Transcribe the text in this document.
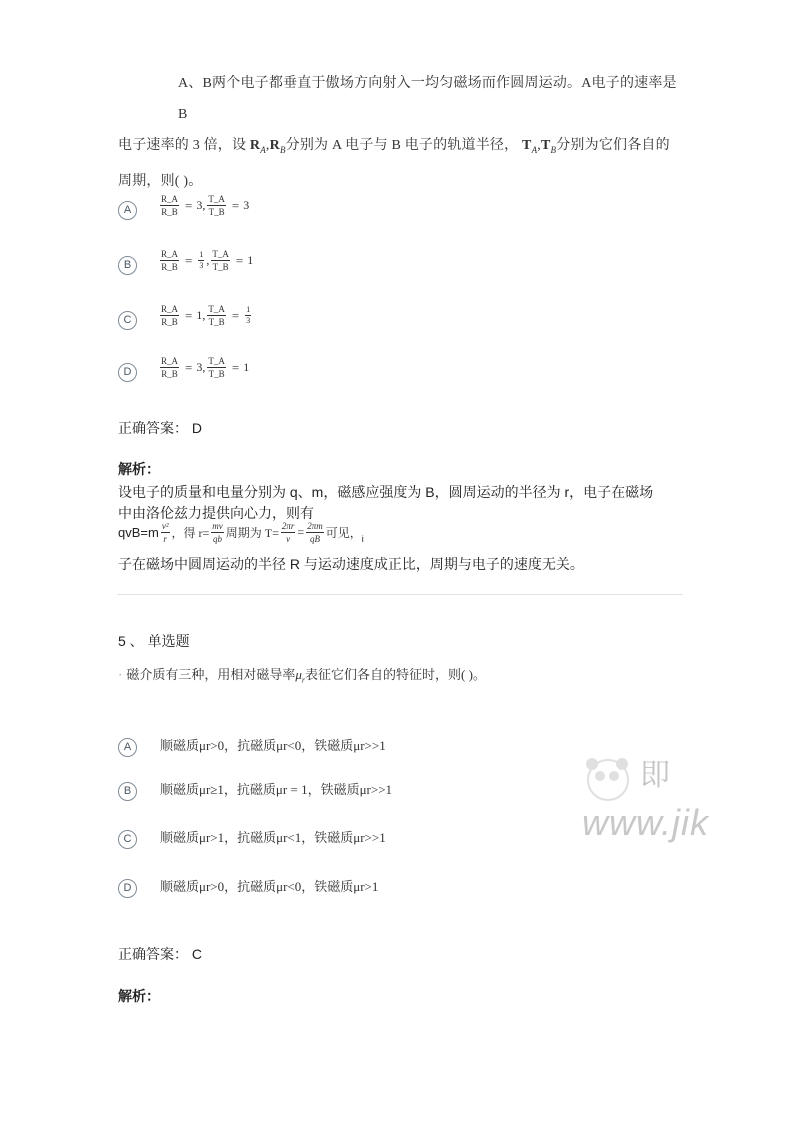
A、B两个电子都垂直于傲场方向射入一均匀磁场而作圆周运动。A电子的速率是B
电子速率的 3 倍，设 $R_A,R_B$分别为 A 电子与 B 电子的轨道半径， $T_A,T_B$分别为它们各自的
周期，则( )。
A	$\frac{R\_A}{R\_B} = 3$, $\frac{T\_A}{T\_B} = 3$
B	$\frac{R\_A}{R\_B} = \frac{1}{3}$ , $\frac{T\_A}{T\_B} = 1$
C	$\frac{R\_A}{R\_B} = 1$, $\frac{T\_A}{T\_B} = \frac{1}{3}$
D	$\frac{R\_A}{R\_B} = 3$, $\frac{T\_A}{T\_B} = 1$
正确答案： D
解析：
设电子的质量和电量分别为 q、m，磁感应强度为 B，圆周运动的半径为 r，电子在磁场
中由洛伦兹力提供向心力，则有
$qvB=m \frac{\text{v²}}{r}$ ，得 $r= \frac{mv}{qb}$ 周期为 $T= \frac{2\pi r}{v} = \frac{2\pi m}{qB}$ 可见， i
子在磁场中圆周运动的半径 R 与运动速度成正比，周期与电子的速度无关。
5 、 单选题
· 磁介质有三种，用相对磁导率$\mu_r$表征它们各自的特征时，则( )。
A	顺磁质μr>0，抗磁质μr<0，铁磁质μr>>1
B	顺磁质μr≥1，抗磁质μr = 1，铁磁质μr>>1
C	顺磁质μr>1，抗磁质μr<1，铁磁质μr>>1
D	顺磁质μr>0，抗磁质μr<0，铁磁质μr>1
即
www.jik
正确答案： C
解析：
